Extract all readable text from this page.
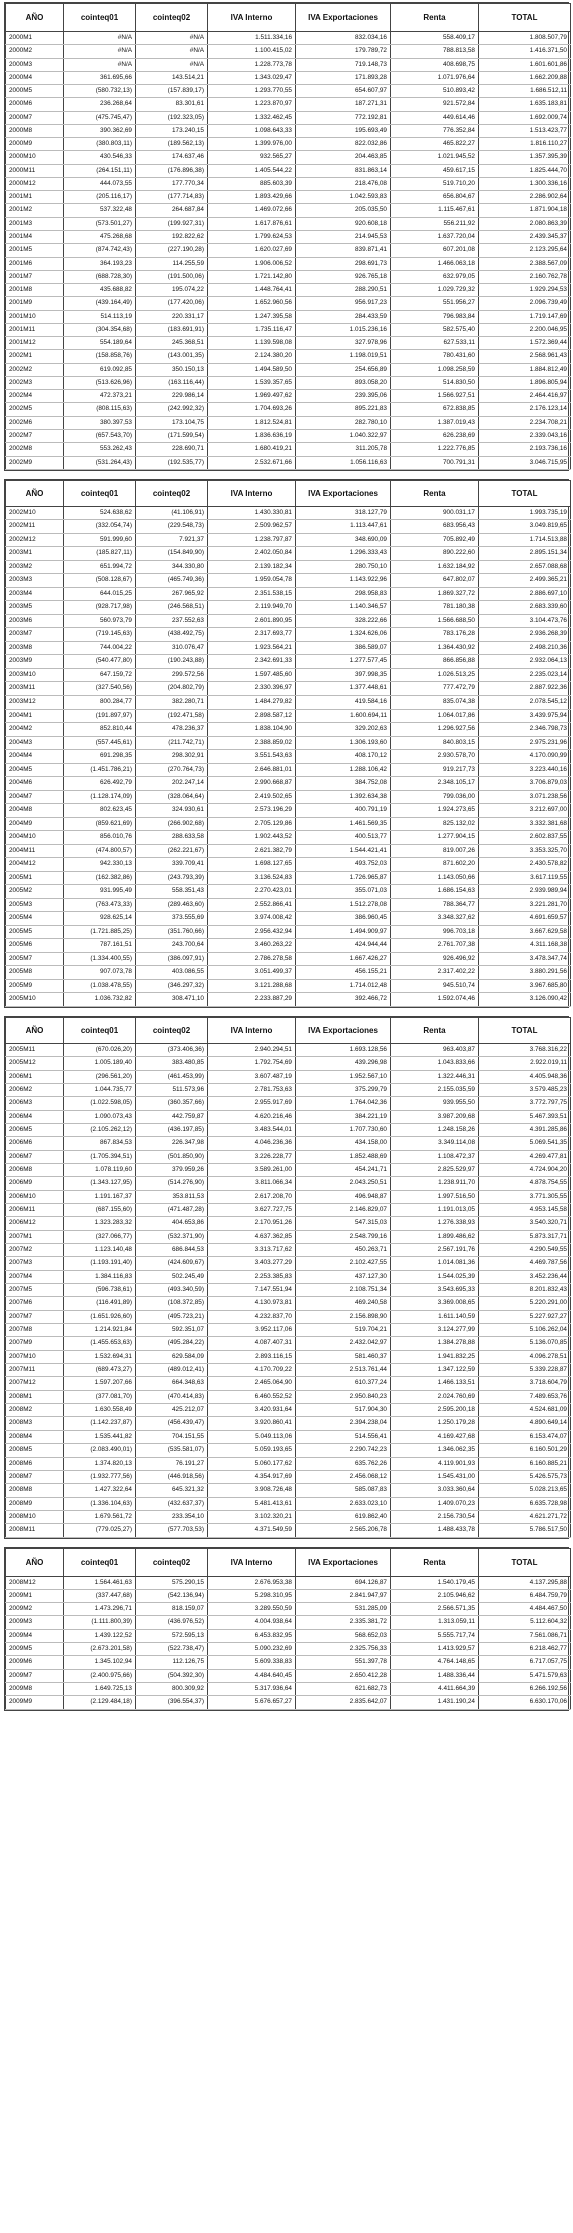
AÑO	cointeq01	cointeq02	IVA Interno	IVA Exportaciones	Renta	TOTAL
2000M1	#N/A	#N/A	1.511.334,16	832.034,16	558.409,17	1.808.507,79
2000M2	#N/A	#N/A	1.100.415,02	179.789,72	788.813,58	1.416.371,50
2000M3	#N/A	#N/A	1.228.773,78	719.148,73	408.698,75	1.601.601,86
2000M4	361.695,66	143.514,21	1.343.029,47	171.893,28	1.071.976,64	1.662.209,88
2000M5	(580.732,13)	(157.839,17)	1.293.770,55	654.607,97	510.893,42	1.686.512,11
2000M6	236.268,64	83.301,61	1.223.870,97	187.271,31	921.572,84	1.635.183,81
2000M7	(475.745,47)	(192.323,05)	1.332.462,45	772.192,81	449.614,46	1.692.009,74
2000M8	390.362,69	173.240,15	1.098.643,33	195.693,49	776.352,84	1.513.423,77
2000M9	(380.803,11)	(189.562,13)	1.399.976,00	822.032,86	465.822,27	1.816.110,27
2000M10	430.546,33	174.637,46	932.565,27	204.463,85	1.021.945,52	1.357.395,39
2000M11	(264.151,11)	(176.896,38)	1.405.544,22	831.863,14	459.617,15	1.825.444,70
2000M12	444.073,55	177.770,34	885.603,39	218.476,08	519.710,20	1.300.336,16
2001M1	(205.116,17)	(177.714,83)	1.893.429,66	1.042.593,83	656.804,67	2.286.902,64
2001M2	537.322,48	264.687,84	1.469.072,66	205.035,50	1.115.467,61	1.871.904,18
2001M3	(573.501,27)	(199.927,31)	1.617.876,61	920.608,18	556.211,92	2.080.863,39
2001M4	475.268,68	192.822,62	1.799.624,53	214.945,53	1.637.720,04	2.439.345,37
2001M5	(874.742,43)	(227.190,28)	1.620.027,69	839.871,41	607.201,08	2.123.295,64
2001M6	364.193,23	114.255,59	1.906.006,52	298.691,73	1.466.063,18	2.388.567,09
2001M7	(688.728,30)	(191.500,06)	1.721.142,80	926.765,18	632.979,05	2.160.762,78
2001M8	435.688,82	195.074,22	1.448.764,41	288.290,51	1.029.729,32	1.929.294,53
2001M9	(439.164,49)	(177.420,06)	1.652.960,56	956.917,23	551.956,27	2.096.739,49
2001M10	514.113,19	220.331,17	1.247.395,58	284.433,59	796.983,84	1.719.147,69
2001M11	(304.354,68)	(183.691,91)	1.735.116,47	1.015.236,16	582.575,40	2.200.046,95
2001M12	554.189,64	245.368,51	1.139.598,08	327.978,96	627.533,11	1.572.369,44
2002M1	(158.858,76)	(143.001,35)	2.124.380,20	1.198.019,51	780.431,60	2.568.961,43
2002M2	619.092,85	350.150,13	1.494.589,50	254.656,89	1.098.258,59	1.884.812,49
2002M3	(513.626,96)	(163.116,44)	1.539.357,65	893.058,20	514.830,50	1.896.805,94
2002M4	472.373,21	229.986,14	1.969.497,62	239.395,06	1.566.927,51	2.464.416,97
2002M5	(808.115,63)	(242.992,32)	1.704.693,26	895.221,83	672.838,85	2.176.123,14
2002M6	380.397,53	173.104,75	1.812.524,81	282.780,10	1.387.019,43	2.234.708,21
2002M7	(657.543,70)	(171.599,54)	1.836.636,19	1.040.322,97	626.238,69	2.339.043,16
2002M8	553.262,43	228.690,71	1.680.419,21	311.205,78	1.222.776,85	2.193.736,16
2002M9	(531.264,43)	(192.535,77)	2.532.671,66	1.056.116,63	700.791,31	3.046.715,95
AÑO	cointeq01	cointeq02	IVA Interno	IVA Exportaciones	Renta	TOTAL
2002M10	524.638,62	(41.106,91)	1.430.330,81	318.127,79	900.031,17	1.993.735,19
2002M11	(332.054,74)	(229.548,73)	2.509.962,57	1.113.447,61	683.956,43	3.049.819,65
2002M12	591.999,60	7.921,37	1.238.797,87	348.690,09	705.892,49	1.714.513,88
2003M1	(185.827,11)	(154.849,90)	2.402.050,84	1.296.333,43	890.222,60	2.895.151,34
2003M2	651.994,72	344.330,80	2.139.182,34	280.750,10	1.632.184,92	2.657.088,68
2003M3	(508.128,67)	(465.749,36)	1.959.054,78	1.143.922,96	647.802,07	2.499.365,21
2003M4	644.015,25	267.965,92	2.351.538,15	298.958,83	1.869.327,72	2.886.697,10
2003M5	(928.717,98)	(246.568,51)	2.119.949,70	1.140.346,57	781.180,38	2.683.339,60
2003M6	560.973,79	237.552,63	2.601.890,95	328.222,66	1.566.688,50	3.104.473,76
2003M7	(719.145,63)	(438.492,75)	2.317.693,77	1.324.626,06	783.176,28	2.936.268,39
2003M8	744.004,22	310.076,47	1.923.564,21	386.589,07	1.364.430,92	2.498.210,36
2003M9	(540.477,80)	(190.243,88)	2.342.691,33	1.277.577,45	866.856,88	2.932.064,13
2003M10	647.159,72	299.572,56	1.597.485,60	397.998,35	1.026.513,25	2.235.023,14
2003M11	(327.540,56)	(204.802,79)	2.330.396,97	1.377.448,61	777.472,79	2.887.922,36
2003M12	800.284,77	382.280,71	1.484.279,82	419.584,16	835.074,38	2.078.545,12
2004M1	(191.897,97)	(192.471,58)	2.898.587,12	1.600.694,11	1.064.017,86	3.439.975,94
2004M2	852.810,44	478.236,37	1.838.104,90	329.202,63	1.296.927,56	2.346.798,73
2004M3	(557.445,61)	(211.742,71)	2.388.859,02	1.306.193,60	840.803,15	2.975.231,96
2004M4	691.298,35	298.302,91	3.551.543,63	408.170,12	2.930.578,70	4.170.090,99
2004M5	(1.451.786,21)	(270.764,73)	2.646.881,01	1.288.106,42	919.217,73	3.223.440,16
2004M6	626.492,79	202.247,14	2.990.668,87	384.752,08	2.348.105,17	3.706.879,03
2004M7	(1.128.174,09)	(328.064,64)	2.419.502,65	1.392.634,38	799.036,00	3.071.238,56
2004M8	802.623,45	324.930,61	2.573.196,29	400.791,19	1.924.273,65	3.212.697,00
2004M9	(859.621,69)	(266.902,68)	2.705.129,86	1.461.569,35	825.132,02	3.332.381,68
2004M10	856.010,76	288.633,58	1.902.443,52	400.513,77	1.277.904,15	2.602.837,55
2004M11	(474.800,57)	(262.221,67)	2.621.382,79	1.544.421,41	819.007,26	3.353.325,70
2004M12	942.330,13	339.709,41	1.698.127,65	493.752,03	871.602,20	2.430.578,82
2005M1	(162.382,86)	(243.793,39)	3.136.524,83	1.726.965,87	1.143.050,66	3.617.119,55
2005M2	931.995,49	558.351,43	2.270.423,01	355.071,03	1.686.154,63	2.939.989,94
2005M3	(763.473,33)	(289.463,60)	2.552.866,41	1.512.278,08	788.364,77	3.221.281,70
2005M4	928.625,14	373.555,69	3.974.008,42	386.960,45	3.348.327,62	4.691.659,57
2005M5	(1.721.885,25)	(351.760,66)	2.956.432,94	1.494.909,97	996.703,18	3.667.629,58
2005M6	787.161,51	243.700,64	3.460.263,22	424.944,44	2.761.707,38	4.311.168,38
2005M7	(1.334.400,55)	(386.097,91)	2.786.278,58	1.667.426,27	926.496,92	3.478.347,74
2005M8	907.073,78	403.086,55	3.051.499,37	456.155,21	2.317.402,22	3.880.291,56
2005M9	(1.038.478,55)	(346.297,32)	3.121.288,68	1.714.012,48	945.510,74	3.967.685,80
2005M10	1.036.732,82	308.471,10	2.233.887,29	392.466,72	1.592.074,46	3.126.090,42
AÑO	cointeq01	cointeq02	IVA Interno	IVA Exportaciones	Renta	TOTAL
2005M11	(670.026,20)	(373.406,36)	2.940.294,51	1.693.128,56	963.403,87	3.768.316,22
2005M12	1.005.189,40	383.480,85	1.792.754,69	439.296,98	1.043.833,66	2.922.019,11
2006M1	(296.561,20)	(461.453,99)	3.607.487,19	1.952.567,10	1.322.446,31	4.405.948,36
2006M2	1.044.735,77	511.573,96	2.781.753,63	375.299,79	2.155.035,59	3.579.485,23
2006M3	(1.022.598,05)	(360.357,66)	2.955.917,69	1.764.042,36	939.955,50	3.772.797,75
2006M4	1.090.073,43	442.759,87	4.620.216,46	384.221,19	3.987.209,68	5.467.393,51
2006M5	(2.105.262,12)	(436.197,85)	3.483.544,01	1.707.730,60	1.248.158,26	4.391.285,86
2006M6	867.834,53	226.347,98	4.046.236,36	434.158,00	3.349.114,08	5.069.541,35
2006M7	(1.705.394,51)	(501.850,90)	3.226.228,77	1.852.488,69	1.108.472,37	4.269.477,81
2006M8	1.078.119,60	379.959,26	3.589.261,00	454.241,71	2.825.529,97	4.724.904,20
2006M9	(1.343.127,95)	(514.276,90)	3.811.066,34	2.043.250,51	1.238.911,70	4.878.754,55
2006M10	1.191.167,37	353.811,53	2.617.208,70	496.948,87	1.997.516,50	3.771.305,55
2006M11	(687.155,60)	(471.487,28)	3.627.727,75	2.146.829,07	1.191.013,05	4.953.145,58
2006M12	1.323.283,32	404.653,86	2.170.951,26	547.315,03	1.276.338,93	3.540.320,71
2007M1	(327.066,77)	(532.371,90)	4.637.362,85	2.548.799,16	1.899.486,62	5.873.317,71
2007M2	1.123.140,48	686.844,53	3.313.717,62	450.263,71	2.567.191,76	4.290.549,55
2007M3	(1.193.191,40)	(424.609,67)	3.403.277,29	2.102.427,55	1.014.081,36	4.469.787,56
2007M4	1.384.116,83	502.245,49	2.253.385,83	437.127,30	1.544.025,39	3.452.236,44
2007M5	(596.738,61)	(493.340,59)	7.147.551,94	2.108.751,34	3.543.695,33	8.201.832,43
2007M6	(116.491,89)	(108.372,85)	4.130.973,81	469.240,58	3.369.008,65	5.220.291,00
2007M7	(1.651.926,60)	(495.723,21)	4.232.837,70	2.156.898,90	1.611.140,59	5.227.927,27
2007M8	1.214.921,84	592.351,07	3.952.117,06	519.704,21	3.124.277,99	5.106.262,04
2007M9	(1.455.653,63)	(495.284,22)	4.087.407,31	2.432.042,97	1.384.278,88	5.136.070,85
2007M10	1.532.694,31	629.584,09	2.893.116,15	581.460,37	1.941.832,25	4.096.278,51
2007M11	(689.473,27)	(489.012,41)	4.170.709,22	2.513.761,44	1.347.122,59	5.339.228,87
2007M12	1.597.207,66	664.348,63	2.465.064,90	610.377,24	1.466.133,51	3.718.604,79
2008M1	(377.081,70)	(470.414,83)	6.460.552,52	2.950.840,23	2.024.760,69	7.489.653,76
2008M2	1.630.558,49	425.212,07	3.420.931,64	517.904,30	2.595.200,18	4.524.681,09
2008M3	(1.142.237,87)	(456.439,47)	3.920.860,41	2.394.238,04	1.250.179,28	4.890.649,14
2008M4	1.535.441,82	704.151,55	5.049.113,06	514.556,41	4.169.427,68	6.153.474,07
2008M5	(2.083.490,01)	(535.581,07)	5.059.193,65	2.290.742,23	1.346.062,35	6.160.501,29
2008M6	1.374.820,13	76.191,27	5.060.177,62	635.762,26	4.119.901,93	6.160.885,21
2008M7	(1.932.777,56)	(446.918,56)	4.354.917,69	2.456.068,12	1.545.431,00	5.426.575,73
2008M8	1.427.322,64	645.321,32	3.908.726,48	585.087,83	3.033.360,64	5.028.213,65
2008M9	(1.336.104,63)	(432.637,37)	5.481.413,61	2.633.023,10	1.409.070,23	6.635.728,98
2008M10	1.679.561,72	233.354,10	3.102.320,21	619.862,40	2.156.730,54	4.621.271,72
2008M11	(779.025,27)	(577.703,53)	4.371.549,59	2.565.206,78	1.488.433,78	5.786.517,50
AÑO	cointeq01	cointeq02	IVA Interno	IVA Exportaciones	Renta	TOTAL
2008M12	1.564.461,63	575.290,15	2.676.953,38	694.126,87	1.540.179,45	4.137.295,88
2009M1	(337.447,68)	(542.136,94)	5.298.310,95	2.841.947,97	2.105.946,62	6.484.759,79
2009M2	1.473.296,71	818.159,07	3.289.550,59	531.285,09	2.566.571,35	4.484.467,50
2009M3	(1.111.800,39)	(436.976,52)	4.004.938,64	2.335.381,72	1.313.059,11	5.112.604,32
2009M4	1.439.122,52	572.595,13	6.453.832,95	568.652,03	5.555.717,74	7.561.086,71
2009M5	(2.673.201,58)	(522.738,47)	5.090.232,69	2.325.756,33	1.413.929,57	6.218.462,77
2009M6	1.345.102,94	112.126,75	5.609.338,83	551.397,78	4.764.148,65	6.717.057,75
2009M7	(2.400.975,66)	(504.392,30)	4.484.640,45	2.650.412,28	1.488.336,44	5.471.579,63
2009M8	1.649.725,13	800.309,92	5.317.936,64	621.682,73	4.411.664,39	6.266.192,56
2009M9	(2.129.484,18)	(396.554,37)	5.676.657,27	2.835.642,07	1.431.190,24	6.630.170,06
